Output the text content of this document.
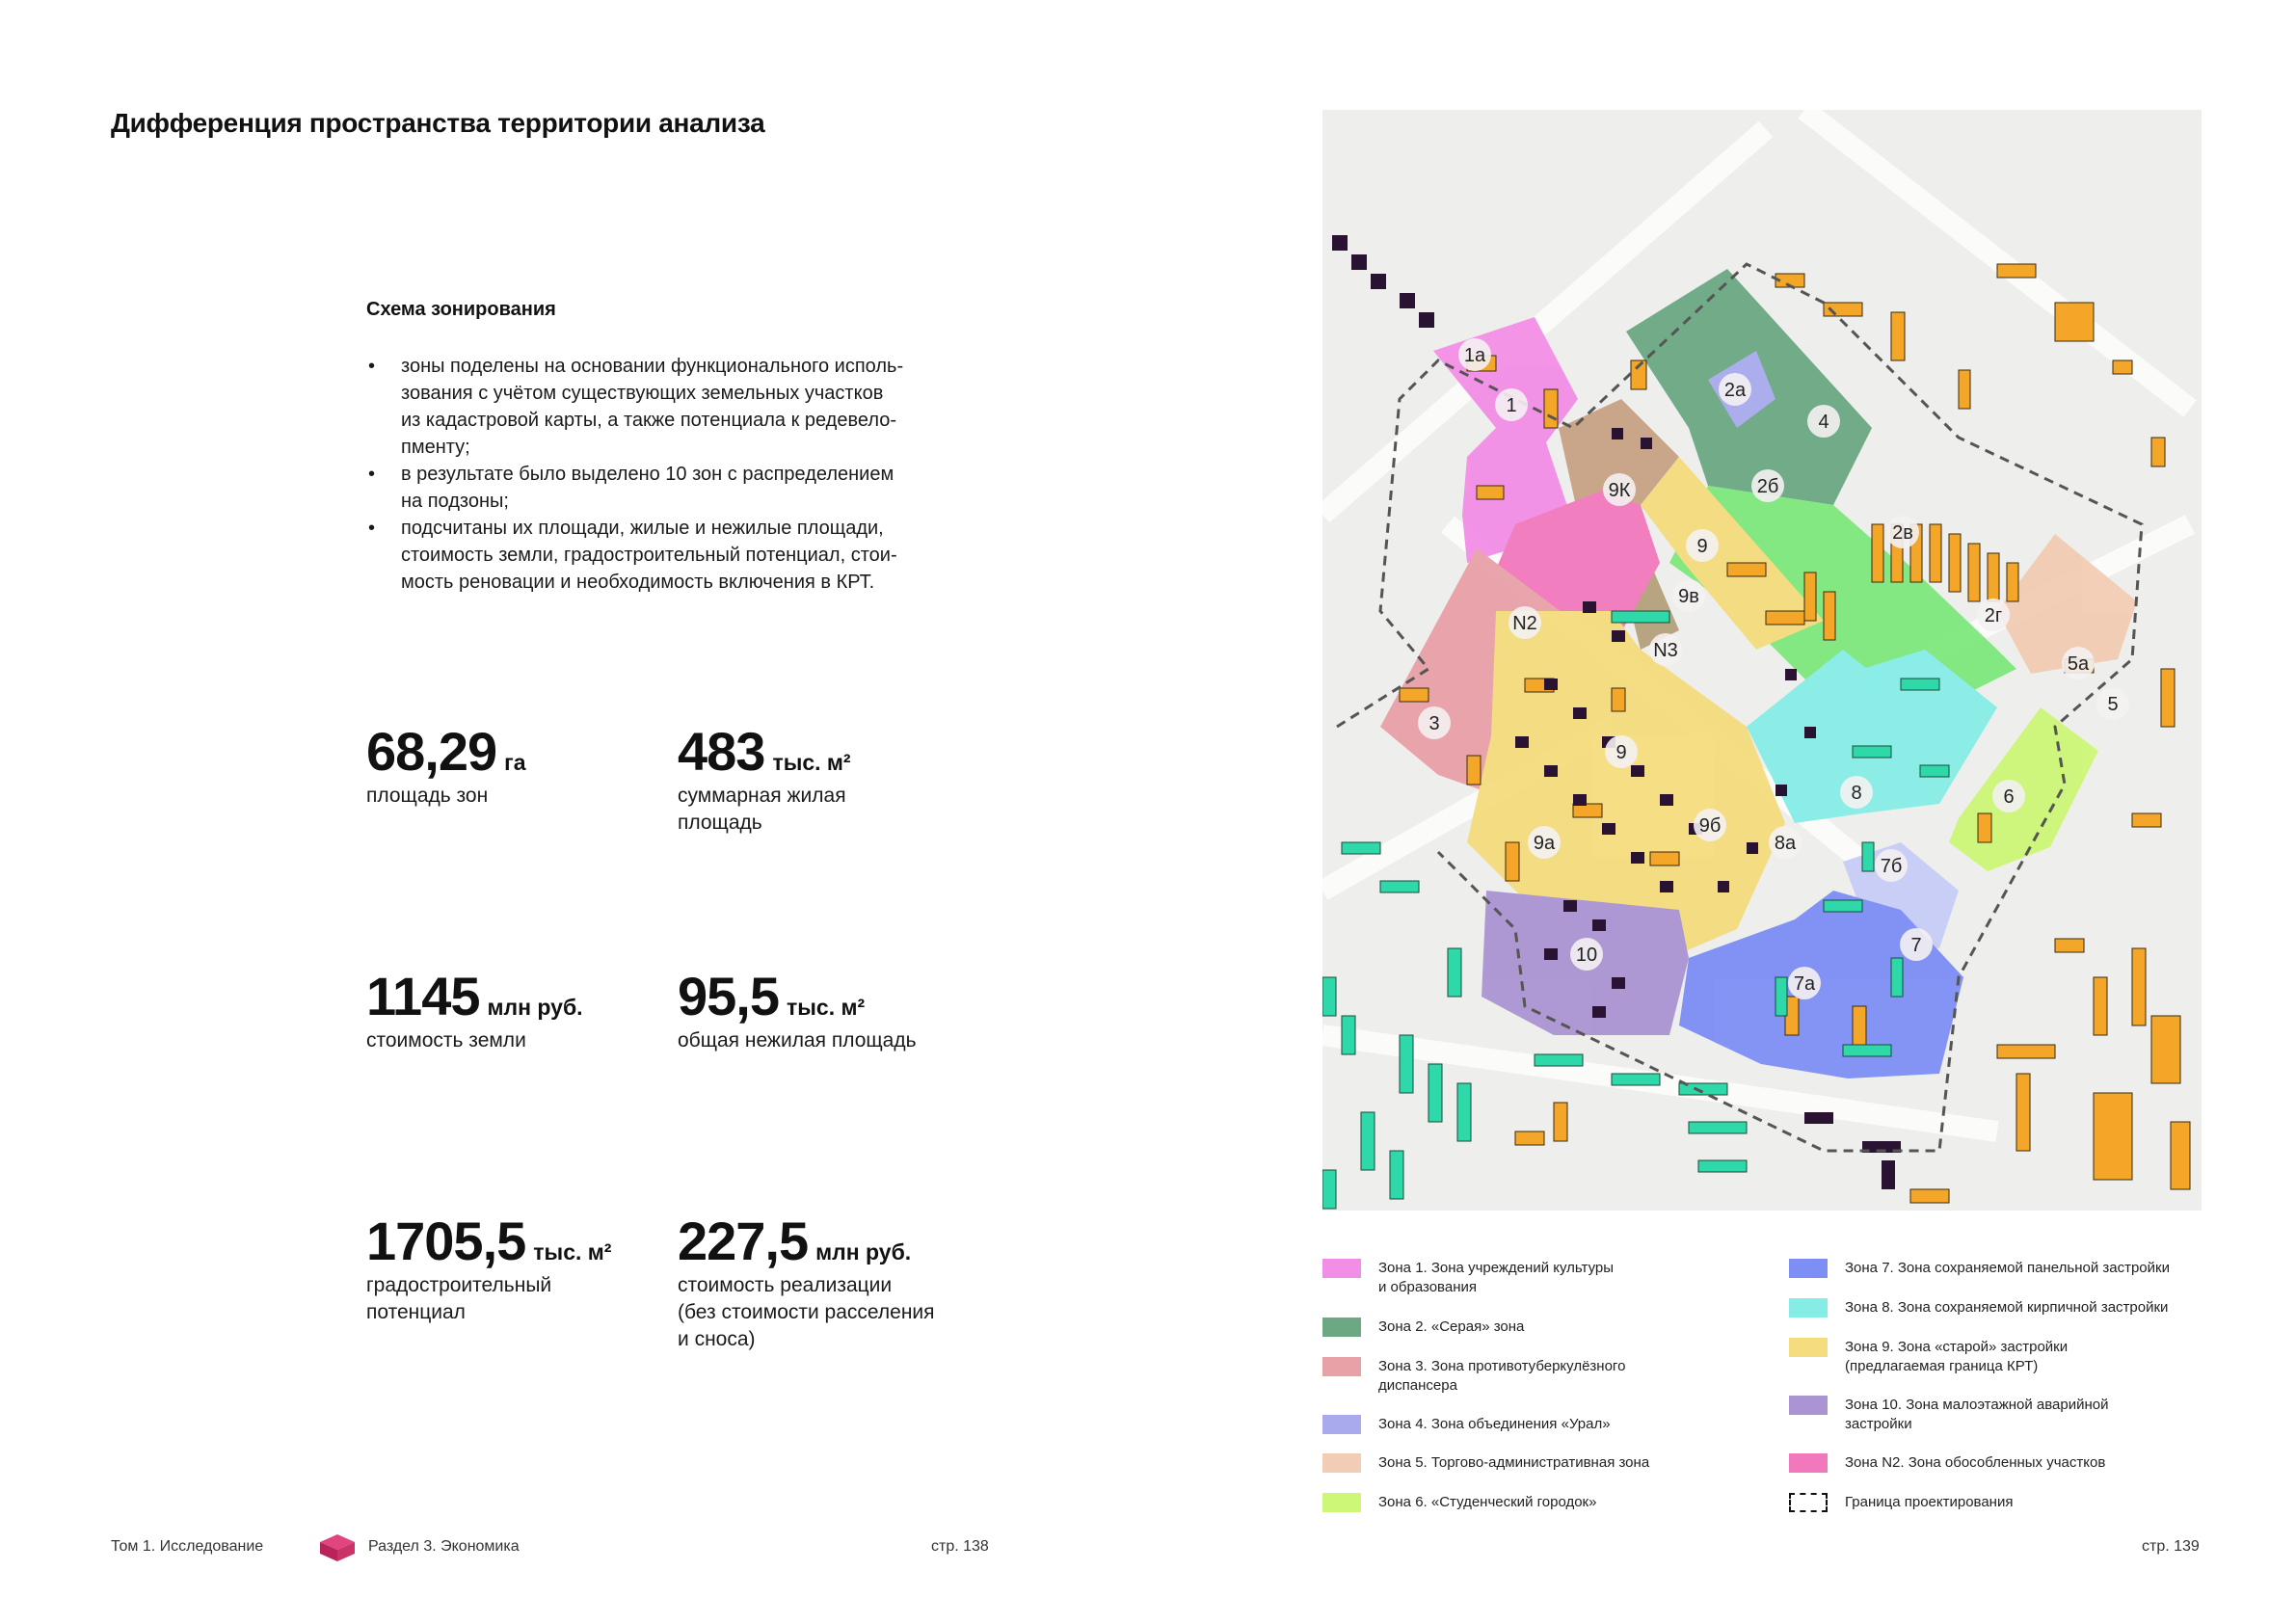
Дифференция пространства территории анализа
Схема зонирования
• зоны поделены на основании функционального исполь-
зования с учётом существующих земельных участков
из кадастровой карты, а также потенциала к редевело-
пменту;
• в результате было выделено 10 зон с распределением
на подзоны;
• подсчитаны их площади, жилые и нежилые площади,
стоимость земли, градостроительный потенциал, стои-
мость реновации и необходимость включения в КРТ.
68,29 га
площадь зон
483 тыс. м²
суммарная жилая
площадь
1145 млн руб.
стоимость земли
95,5 тыс. м²
общая нежилая площадь
1705,5 тыс. м²
градостроительный
потенциал
227,5 млн руб.
стоимость реализации
(без стоимости расселения
и сноса)
1а
1
2а
4
2б
9К
2в
9
9в
2г
N2
N3
5а
5
3
9
6
8
9б
9а	8а
7б
7
10
7а
Зона 1. Зона учреждений культуры
и образования
Зона 2. «Серая» зона
Зона 3. Зона противотуберкулёзного
диспансера
Зона 4. Зона объединения «Урал»
Зона 5. Торгово-административная зона
Зона 6. «Студенческий городок»
Зона 7. Зона сохраняемой панельной застройки
Зона 8. Зона сохраняемой кирпичной застройки
Зона 9. Зона «старой» застройки
(предлагаемая граница КРТ)
Зона 10. Зона малоэтажной аварийной
застройки
Зона N2. Зона обособленных участков
Граница проектирования
Том 1. Исследование	Раздел 3. Экономика	стр. 138	стр. 139
